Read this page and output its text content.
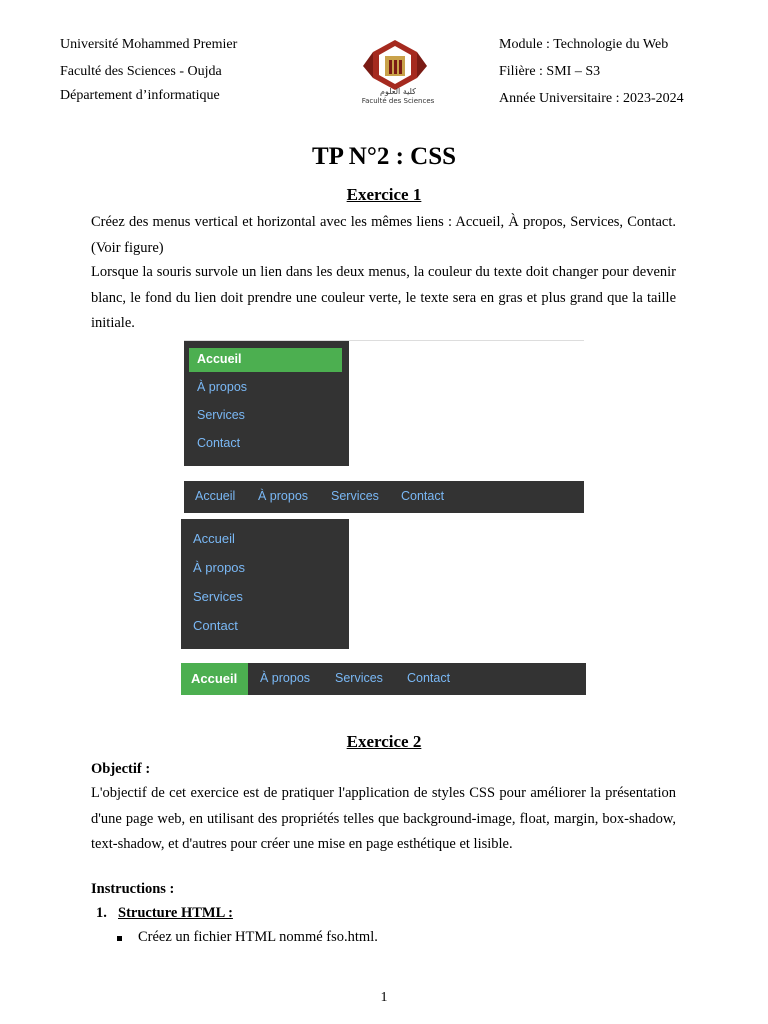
Université Mohammed Premier
Faculté des Sciences - Oujda
Département d’informatique
Module : Technologie du Web
Filière : SMI – S3
Année Universitaire : 2023-2024
كلية العلوم
Faculté des Sciences
TP N°2 : CSS
Exercice 1
Créez des menus vertical et horizontal avec les mêmes liens : Accueil, À propos, Services, Contact. (Voir figure)
Lorsque la souris survole un lien dans les deux menus, la couleur du texte doit changer pour devenir blanc, le fond du lien doit prendre une couleur verte, le texte sera en gras et plus grand que la taille initiale.
Accueil
À propos
Services
Contact
Accueil À propos Services Contact
Accueil
À propos
Services
Contact
Accueil À propos Services Contact
Exercice 2
Objectif :
L'objectif de cet exercice est de pratiquer l'application de styles CSS pour améliorer la présentation d'une page web, en utilisant des propriétés telles que background-image, float, margin, box-shadow, text-shadow, et d'autres pour créer une mise en page esthétique et lisible.
Instructions :
1. Structure HTML :
Créez un fichier HTML nommé fso.html.
1
